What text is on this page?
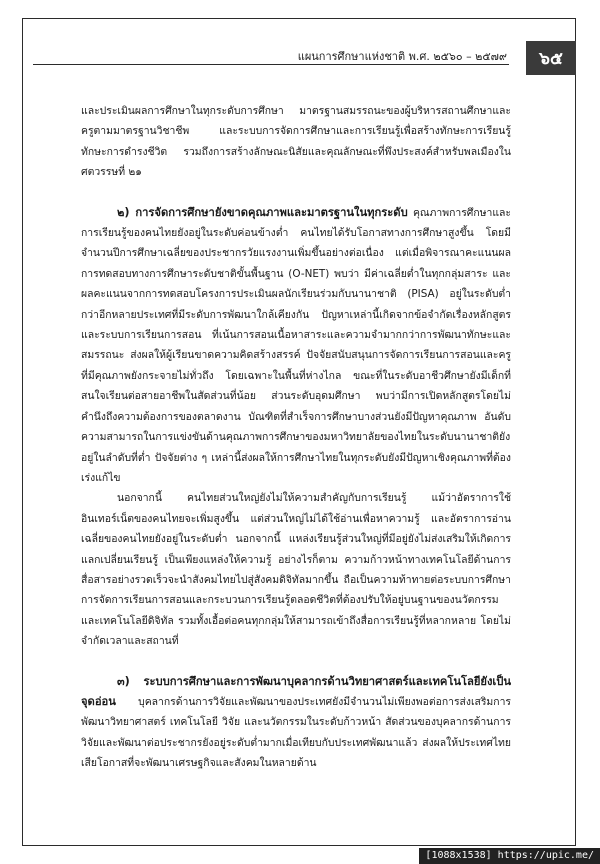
แผนการศึกษาแห่งชาติ พ.ศ. ๒๕๖๐ – ๒๕๗๙	๖๕

และประเมินผลการศึกษาในทุกระดับการศึกษา มาตรฐานสมรรถนะของผู้บริหารสถานศึกษาและครูตามมาตรฐานวิชาชีพ และระบบการจัดการศึกษาและการเรียนรู้เพื่อสร้างทักษะการเรียนรู้ ทักษะการดำรงชีวิต รวมถึงการสร้างลักษณะนิสัยและคุณลักษณะที่พึงประสงค์สำหรับพลเมืองในศตวรรษที่ ๒๑

๒) การจัดการศึกษายังขาดคุณภาพและมาตรฐานในทุกระดับ คุณภาพการศึกษาและการเรียนรู้ของคนไทยยังอยู่ในระดับค่อนข้างต่ำ คนไทยได้รับโอกาสทางการศึกษาสูงขึ้น โดยมีจำนวนปีการศึกษาเฉลี่ยของประชากรวัยแรงงานเพิ่มขึ้นอย่างต่อเนื่อง แต่เมื่อพิจารณาคะแนนผลการทดสอบทางการศึกษาระดับชาติขั้นพื้นฐาน (O-NET) พบว่า มีค่าเฉลี่ยต่ำในทุกกลุ่มสาระ และผลคะแนนจากการทดสอบโครงการประเมินผลนักเรียนร่วมกับนานาชาติ (PISA) อยู่ในระดับต่ำกว่าอีกหลายประเทศที่มีระดับการพัฒนาใกล้เคียงกัน ปัญหาเหล่านี้เกิดจากข้อจำกัดเรื่องหลักสูตรและระบบการเรียนการสอน ที่เน้นการสอนเนื้อหาสาระและความจำมากกว่าการพัฒนาทักษะและสมรรถนะ ส่งผลให้ผู้เรียนขาดความคิดสร้างสรรค์ ปัจจัยสนับสนุนการจัดการเรียนการสอนและครูที่มีคุณภาพยังกระจายไม่ทั่วถึง โดยเฉพาะในพื้นที่ห่างไกล ขณะที่ในระดับอาชีวศึกษายังมีเด็กที่สนใจเรียนต่อสายอาชีพในสัดส่วนที่น้อย ส่วนระดับอุดมศึกษา พบว่ามีการเปิดหลักสูตรโดยไม่คำนึงถึงความต้องการของตลาดงาน บัณฑิตที่สำเร็จการศึกษาบางส่วนยังมีปัญหาคุณภาพ อันดับความสามารถในการแข่งขันด้านคุณภาพการศึกษาของมหาวิทยาลัยของไทยในระดับนานาชาติยังอยู่ในลำดับที่ต่ำ ปัจจัยต่าง ๆ เหล่านี้ส่งผลให้การศึกษาไทยในทุกระดับยังมีปัญหาเชิงคุณภาพที่ต้องเร่งแก้ไข

นอกจากนี้ คนไทยส่วนใหญ่ยังไม่ให้ความสำคัญกับการเรียนรู้ แม้ว่าอัตราการใช้อินเทอร์เน็ตของคนไทยจะเพิ่มสูงขึ้น แต่ส่วนใหญ่ไม่ได้ใช้อ่านเพื่อหาความรู้ และอัตราการอ่านเฉลี่ยของคนไทยยังอยู่ในระดับต่ำ นอกจากนี้ แหล่งเรียนรู้ส่วนใหญ่ที่มีอยู่ยังไม่ส่งเสริมให้เกิดการแลกเปลี่ยนเรียนรู้ เป็นเพียงแหล่งให้ความรู้ อย่างไรก็ตาม ความก้าวหน้าทางเทคโนโลยีด้านการสื่อสารอย่างรวดเร็วจะนำสังคมไทยไปสู่สังคมดิจิทัลมากขึ้น ถือเป็นความท้าทายต่อระบบการศึกษา การจัดการเรียนการสอนและกระบวนการเรียนรู้ตลอดชีวิตที่ต้องปรับให้อยู่บนฐานของนวัตกรรมและเทคโนโลยีดิจิทัล รวมทั้งเอื้อต่อคนทุกกลุ่มให้สามารถเข้าถึงสื่อการเรียนรู้ที่หลากหลาย โดยไม่จำกัดเวลาและสถานที่

๓) ระบบการศึกษาและการพัฒนาบุคลากรด้านวิทยาศาสตร์และเทคโนโลยียังเป็นจุดอ่อน บุคลากรด้านการวิจัยและพัฒนาของประเทศยังมีจำนวนไม่เพียงพอต่อการส่งเสริมการพัฒนาวิทยาศาสตร์ เทคโนโลยี วิจัย และนวัตกรรมในระดับก้าวหน้า สัดส่วนของบุคลากรด้านการวิจัยและพัฒนาต่อประชากรยังอยู่ระดับต่ำมากเมื่อเทียบกับประเทศพัฒนาแล้ว ส่งผลให้ประเทศไทยเสียโอกาสที่จะพัฒนาเศรษฐกิจและสังคมในหลายด้าน

[1088x1538] https://upic.me/
